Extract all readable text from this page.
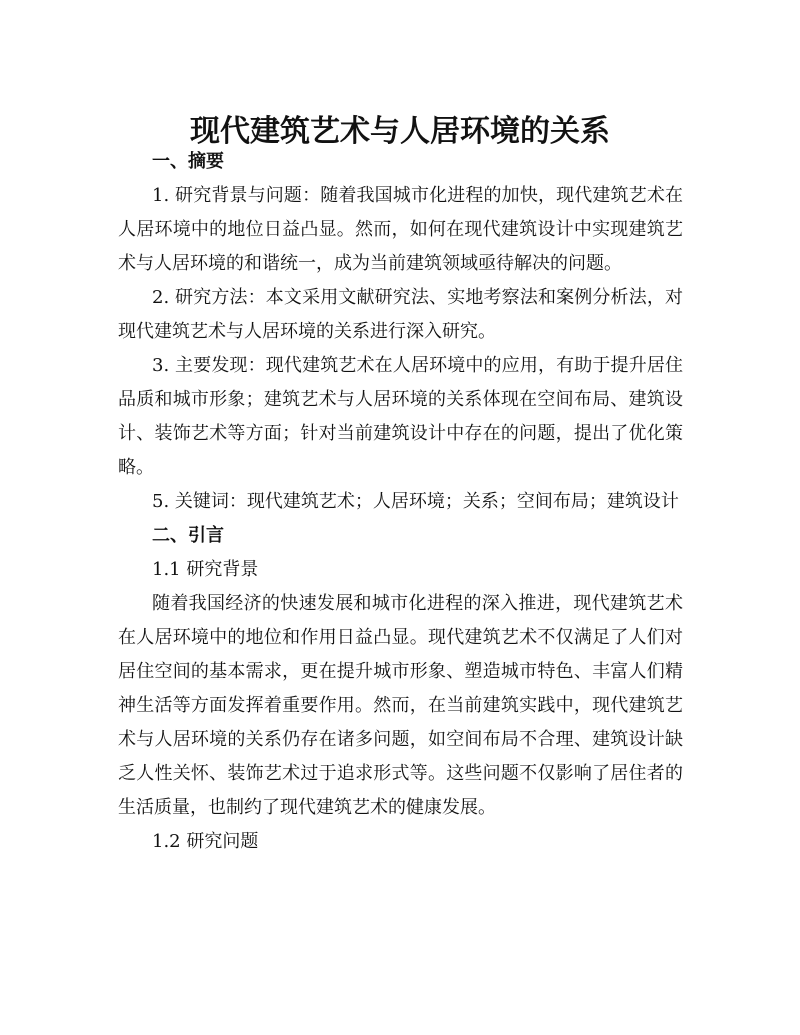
现代建筑艺术与人居环境的关系
一、摘要

1. 研究背景与问题：随着我国城市化进程的加快，现代建筑艺术在人居环境中的地位日益凸显。然而，如何在现代建筑设计中实现建筑艺术与人居环境的和谐统一，成为当前建筑领域亟待解决的问题。

2. 研究方法：本文采用文献研究法、实地考察法和案例分析法，对现代建筑艺术与人居环境的关系进行深入研究。

3. 主要发现：现代建筑艺术在人居环境中的应用，有助于提升居住品质和城市形象；建筑艺术与人居环境的关系体现在空间布局、建筑设计、装饰艺术等方面；针对当前建筑设计中存在的问题，提出了优化策略。

5. 关键词：现代建筑艺术；人居环境；关系；空间布局；建筑设计

二、引言
1.1 研究背景

随着我国经济的快速发展和城市化进程的深入推进，现代建筑艺术在人居环境中的地位和作用日益凸显。现代建筑艺术不仅满足了人们对居住空间的基本需求，更在提升城市形象、塑造城市特色、丰富人们精神生活等方面发挥着重要作用。然而，在当前建筑实践中，现代建筑艺术与人居环境的关系仍存在诸多问题，如空间布局不合理、建筑设计缺乏人性关怀、装饰艺术过于追求形式等。这些问题不仅影响了居住者的生活质量，也制约了现代建筑艺术的健康发展。

1.2 研究问题
